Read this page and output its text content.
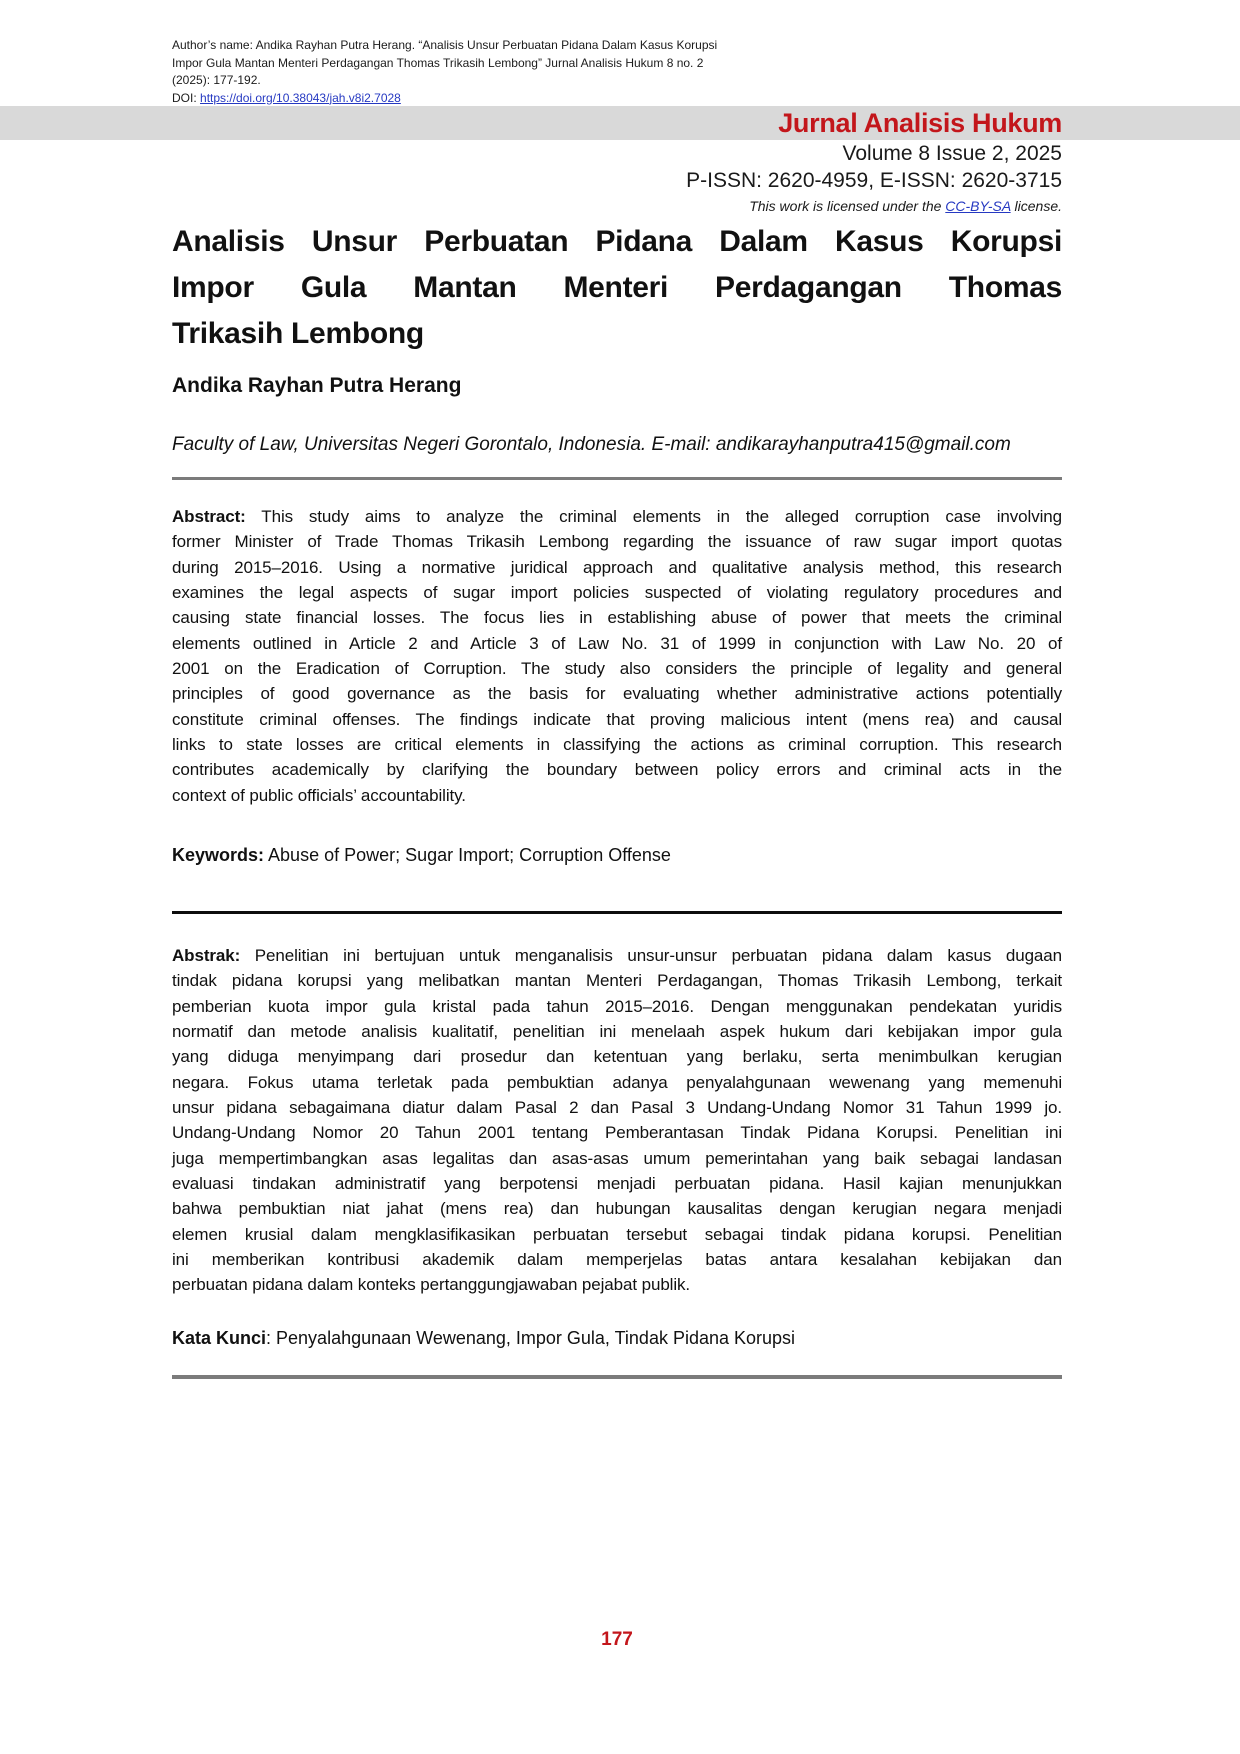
Author’s name: Andika Rayhan Putra Herang. “Analisis Unsur Perbuatan Pidana Dalam Kasus Korupsi
Impor Gula Mantan Menteri Perdagangan Thomas Trikasih Lembong” Jurnal Analisis Hukum 8 no. 2
(2025): 177-192.
DOI: https://doi.org/10.38043/jah.v8i2.7028
Jurnal Analisis Hukum
Volume 8 Issue 2, 2025
P-ISSN: 2620-4959, E-ISSN: 2620-3715
This work is licensed under the CC-BY-SA license.
Analisis Unsur Perbuatan Pidana Dalam Kasus Korupsi
Impor Gula Mantan Menteri Perdagangan Thomas
Trikasih Lembong
Andika Rayhan Putra Herang
Faculty of Law, Universitas Negeri Gorontalo, Indonesia. E-mail: andikarayhanputra415@gmail.com
Abstract: This study aims to analyze the criminal elements in the alleged corruption case involving
former Minister of Trade Thomas Trikasih Lembong regarding the issuance of raw sugar import quotas
during 2015–2016. Using a normative juridical approach and qualitative analysis method, this research
examines the legal aspects of sugar import policies suspected of violating regulatory procedures and
causing state financial losses. The focus lies in establishing abuse of power that meets the criminal
elements outlined in Article 2 and Article 3 of Law No. 31 of 1999 in conjunction with Law No. 20 of
2001 on the Eradication of Corruption. The study also considers the principle of legality and general
principles of good governance as the basis for evaluating whether administrative actions potentially
constitute criminal offenses. The findings indicate that proving malicious intent (mens rea) and causal
links to state losses are critical elements in classifying the actions as criminal corruption. This research
contributes academically by clarifying the boundary between policy errors and criminal acts in the
context of public officials’ accountability.
Keywords: Abuse of Power; Sugar Import; Corruption Offense
Abstrak: Penelitian ini bertujuan untuk menganalisis unsur-unsur perbuatan pidana dalam kasus dugaan
tindak pidana korupsi yang melibatkan mantan Menteri Perdagangan, Thomas Trikasih Lembong, terkait
pemberian kuota impor gula kristal pada tahun 2015–2016. Dengan menggunakan pendekatan yuridis
normatif dan metode analisis kualitatif, penelitian ini menelaah aspek hukum dari kebijakan impor gula
yang diduga menyimpang dari prosedur dan ketentuan yang berlaku, serta menimbulkan kerugian
negara. Fokus utama terletak pada pembuktian adanya penyalahgunaan wewenang yang memenuhi
unsur pidana sebagaimana diatur dalam Pasal 2 dan Pasal 3 Undang-Undang Nomor 31 Tahun 1999 jo.
Undang-Undang Nomor 20 Tahun 2001 tentang Pemberantasan Tindak Pidana Korupsi. Penelitian ini
juga mempertimbangkan asas legalitas dan asas-asas umum pemerintahan yang baik sebagai landasan
evaluasi tindakan administratif yang berpotensi menjadi perbuatan pidana. Hasil kajian menunjukkan
bahwa pembuktian niat jahat (mens rea) dan hubungan kausalitas dengan kerugian negara menjadi
elemen krusial dalam mengklasifikasikan perbuatan tersebut sebagai tindak pidana korupsi. Penelitian
ini memberikan kontribusi akademik dalam memperjelas batas antara kesalahan kebijakan dan
perbuatan pidana dalam konteks pertanggungjawaban pejabat publik.
Kata Kunci: Penyalahgunaan Wewenang, Impor Gula, Tindak Pidana Korupsi
177
